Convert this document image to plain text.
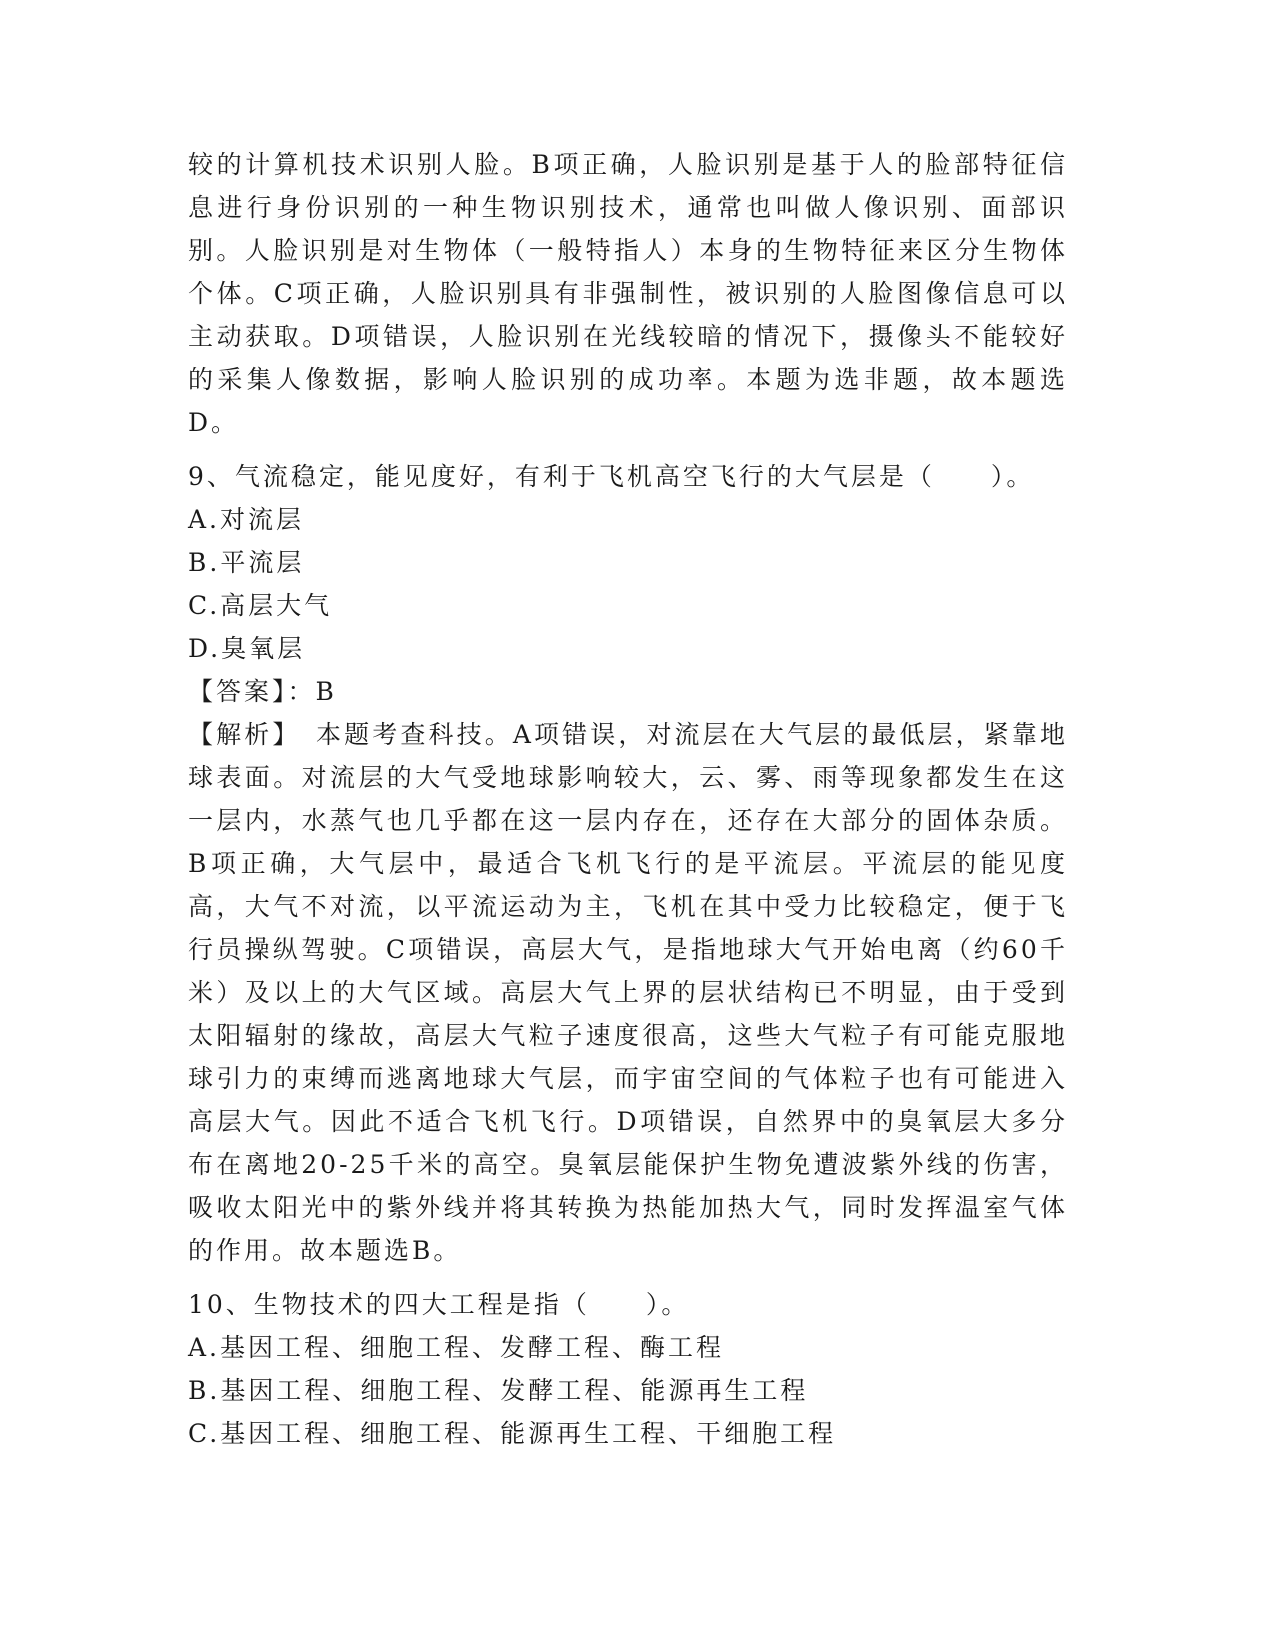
较的计算机技术识别人脸。B项正确，人脸识别是基于人的脸部特征信息进行身份识别的一种生物识别技术，通常也叫做人像识别、面部识别。人脸识别是对生物体（一般特指人）本身的生物特征来区分生物体个体。C项正确，人脸识别具有非强制性，被识别的人脸图像信息可以主动获取。D项错误，人脸识别在光线较暗的情况下，摄像头不能较好的采集人像数据，影响人脸识别的成功率。本题为选非题，故本题选D。

9、气流稳定，能见度好，有利于飞机高空飞行的大气层是（　　）。

A.对流层

B.平流层

C.高层大气

D.臭氧层

【答案】：B

【解析】　本题考查科技。A项错误，对流层在大气层的最低层，紧靠地球表面。对流层的大气受地球影响较大，云、雾、雨等现象都发生在这一层内，水蒸气也几乎都在这一层内存在，还存在大部分的固体杂质。B项正确，大气层中，最适合飞机飞行的是平流层。平流层的能见度高，大气不对流，以平流运动为主，飞机在其中受力比较稳定，便于飞行员操纵驾驶。C项错误，高层大气，是指地球大气开始电离（约60千米）及以上的大气区域。高层大气上界的层状结构已不明显，由于受到太阳辐射的缘故，高层大气粒子速度很高，这些大气粒子有可能克服地球引力的束缚而逃离地球大气层，而宇宙空间的气体粒子也有可能进入高层大气。因此不适合飞机飞行。D项错误，自然界中的臭氧层大多分布在离地20-25千米的高空。臭氧层能保护生物免遭波紫外线的伤害，吸收太阳光中的紫外线并将其转换为热能加热大气，同时发挥温室气体的作用。故本题选B。

10、生物技术的四大工程是指（　　）。

A.基因工程、细胞工程、发酵工程、酶工程

B.基因工程、细胞工程、发酵工程、能源再生工程

C.基因工程、细胞工程、能源再生工程、干细胞工程
